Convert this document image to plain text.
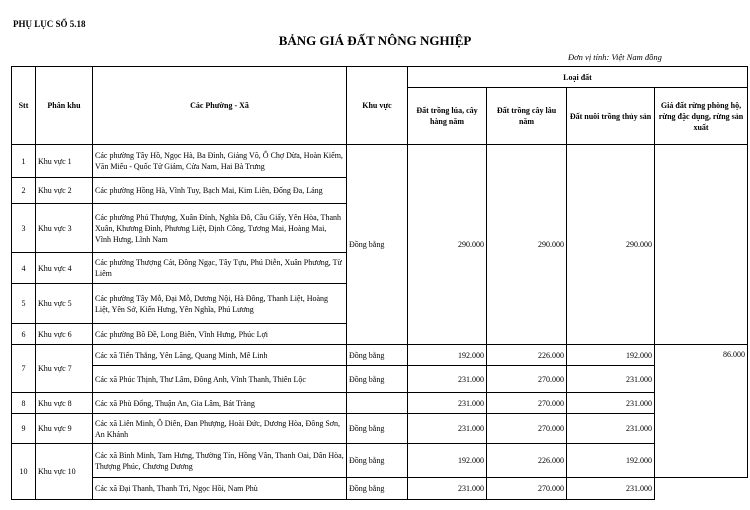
PHỤ LỤC SỐ 5.18
BẢNG GIÁ ĐẤT NÔNG NGHIỆP
Đơn vị tính: Việt Nam đồng
Stt	Phân khu	Các Phường - Xã	Khu vực	Loại đất			
				Đất trồng lúa, cây hàng năm	Đất trồng cây lâu năm	Đất nuôi trồng thủy sản	Giá đất rừng phòng hộ, rừng đặc dụng, rừng sản xuất
1	Khu vực 1	Các phường Tây Hồ, Ngọc Hà, Ba Đình, Giảng Võ, Ô Chợ Dừa, Hoàn Kiếm, Văn Miếu - Quốc Tử Giám, Cửa Nam, Hai Bà Trưng	Đồng bằng	290.000	290.000	290.000	
2	Khu vực 2	Các phường Hồng Hà, Vĩnh Tuy, Bạch Mai, Kim Liên, Đống Đa, Láng					
3	Khu vực 3	Các phường Phú Thượng, Xuân Đỉnh, Nghĩa Đô, Cầu Giấy, Yên Hòa, Thanh Xuân, Khương Đình, Phương Liệt, Định Công, Tương Mai, Hoàng Mai, Vĩnh Hưng, Lĩnh Nam					
4	Khu vực 4	Các phường Thượng Cát, Đông Ngạc, Tây Tựu, Phú Diễn, Xuân Phương, Từ Liêm					
5	Khu vực 5	Các phường Tây Mỗ, Đại Mỗ, Dương Nội, Hà Đông, Thanh Liệt, Hoàng Liệt, Yên Sở, Kiến Hưng, Yên Nghĩa, Phú Lương					
6	Khu vực 6	Các phường Bồ Đề, Long Biên, Vĩnh Hưng, Phúc Lợi					
7	Khu vực 7	Các xã Tiến Thắng, Yên Lãng, Quang Minh, Mê Linh	Đồng bằng	192.000	226.000	192.000	86.000
		Các xã Phúc Thịnh, Thư Lâm, Đông Anh, Vĩnh Thanh, Thiên Lộc	Đồng bằng	231.000	270.000	231.000	
8	Khu vực 8	Các xã Phù Đổng, Thuận An, Gia Lâm, Bát Tràng		231.000	270.000	231.000	
9	Khu vực 9	Các xã Liên Minh, Ô Diên, Đan Phượng, Hoài Đức, Dương Hòa, Đông Sơn, An Khánh	Đồng bằng	231.000	270.000	231.000	
10	Khu vực 10	Các xã Bình Minh, Tam Hưng, Thường Tín, Hồng Vân, Thanh Oai, Dân Hòa, Thượng Phúc, Chương Dương	Đồng bằng	192.000	226.000	192.000	
		Các xã Đại Thanh, Thanh Trì, Ngọc Hồi, Nam Phù	Đồng bằng	231.000	270.000	231.000	
